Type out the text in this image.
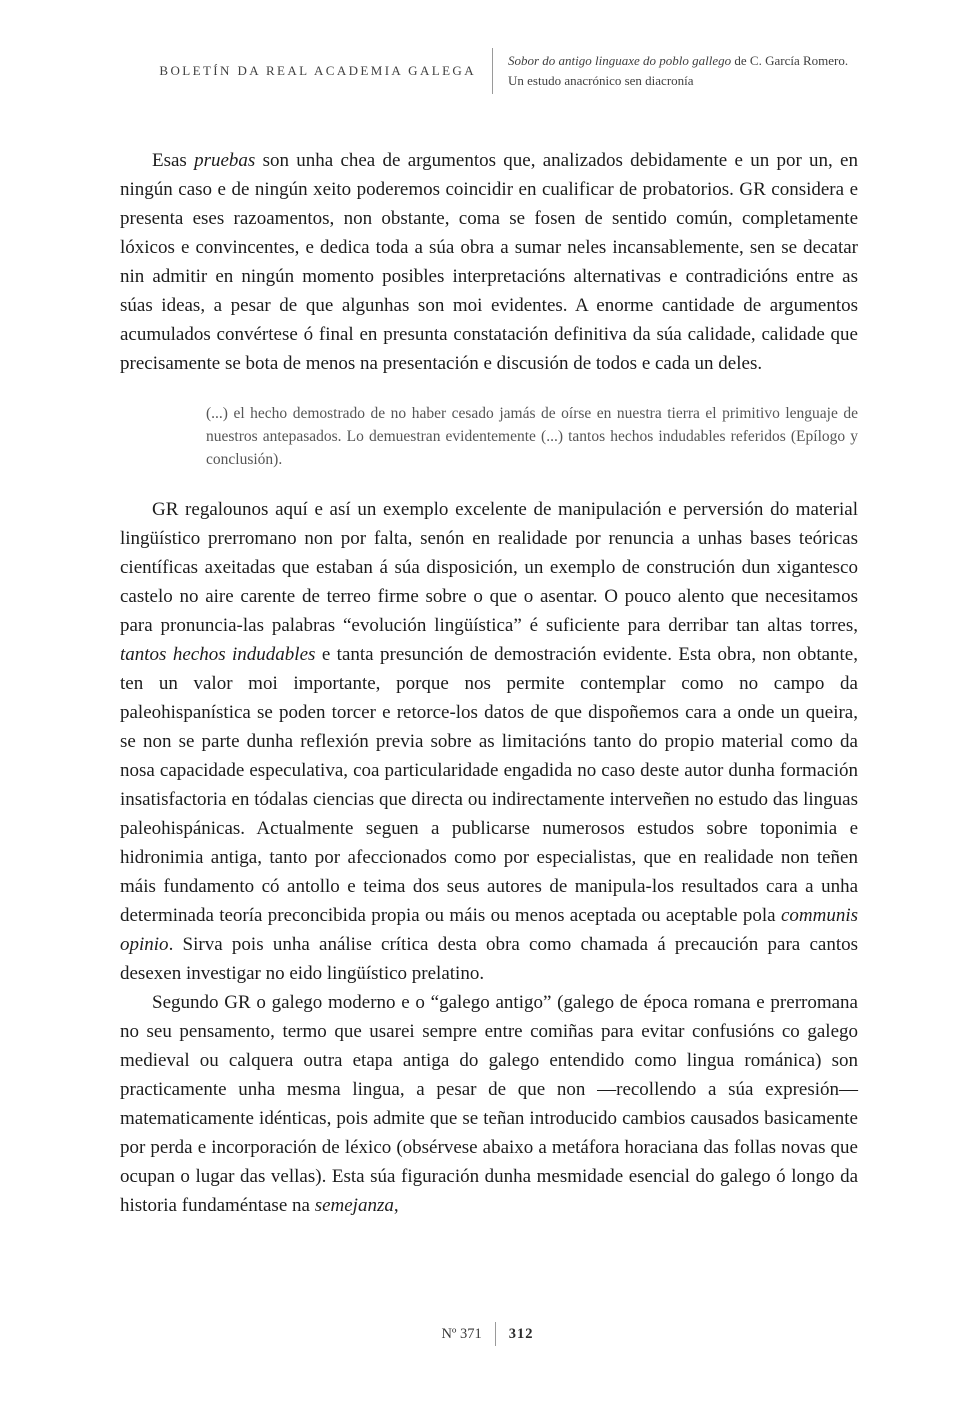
BOLETÍN DA REAL ACADEMIA GALEGA
Sobor do antigo linguaxe do poblo gallego de C. García Romero.
Un estudo anacrónico sen diacronía

Esas pruebas son unha chea de argumentos que, analizados debidamente e un por un, en ningún caso e de ningún xeito poderemos coincidir en cualificar de probatorios. GR considera e presenta eses razoamentos, non obstante, coma se fosen de sentido común, completamente lóxicos e convincentes, e dedica toda a súa obra a sumar neles incansablemente, sen se decatar nin admitir en ningún momento posibles interpretacións alternativas e contradicións entre as súas ideas, a pesar de que algunhas son moi evidentes. A enorme cantidade de argumentos acumulados convértese ó final en presunta constatación definitiva da súa calidade, calidade que precisamente se bota de menos na presentación e discusión de todos e cada un deles.

(...) el hecho demostrado de no haber cesado jamás de oírse en nuestra tierra el primitivo lenguaje de nuestros antepasados. Lo demuestran evidentemente (...) tantos hechos indudables referidos (Epílogo y conclusión).

GR regalounos aquí e así un exemplo excelente de manipulación e perversión do material lingüístico prerromano non por falta, senón en realidade por renuncia a unhas bases teóricas científicas axeitadas que estaban á súa disposición, un exemplo de construción dun xigantesco castelo no aire carente de terreo firme sobre o que o asentar. O pouco alento que necesitamos para pronuncia-las palabras “evolución lingüística” é suficiente para derribar tan altas torres, tantos hechos indudables e tanta presunción de demostración evidente. Esta obra, non obtante, ten un valor moi importante, porque nos permite contemplar como no campo da paleohispanística se poden torcer e retorce-los datos de que dispoñemos cara a onde un queira, se non se parte dunha reflexión previa sobre as limitacións tanto do propio material como da nosa capacidade especulativa, coa particularidade engadida no caso deste autor dunha formación insatisfactoria en tódalas ciencias que directa ou indirectamente interveñen no estudo das linguas paleohispánicas. Actualmente seguen a publicarse numerosos estudos sobre toponimia e hidronimia antiga, tanto por afeccionados como por especialistas, que en realidade non teñen máis fundamento có antollo e teima dos seus autores de manipula-los resultados cara a unha determinada teoría preconcibida propia ou máis ou menos aceptada ou aceptable pola communis opinio. Sirva pois unha análise crítica desta obra como chamada á precaución para cantos desexen investigar no eido lingüístico prelatino.

Segundo GR o galego moderno e o “galego antigo” (galego de época romana e prerromana no seu pensamento, termo que usarei sempre entre comiñas para evitar confusións co galego medieval ou calquera outra etapa antiga do galego entendido como lingua románica) son practicamente unha mesma lingua, a pesar de que non —recollendo a súa expresión— matematicamente idénticas, pois admite que se teñan introducido cambios causados basicamente por perda e incorporación de léxico (obsérvese abaixo a metáfora horaciana das follas novas que ocupan o lugar das vellas). Esta súa figuración dunha mesmidade esencial do galego ó longo da historia fundaméntase na semejanza,

Nº 371 312
